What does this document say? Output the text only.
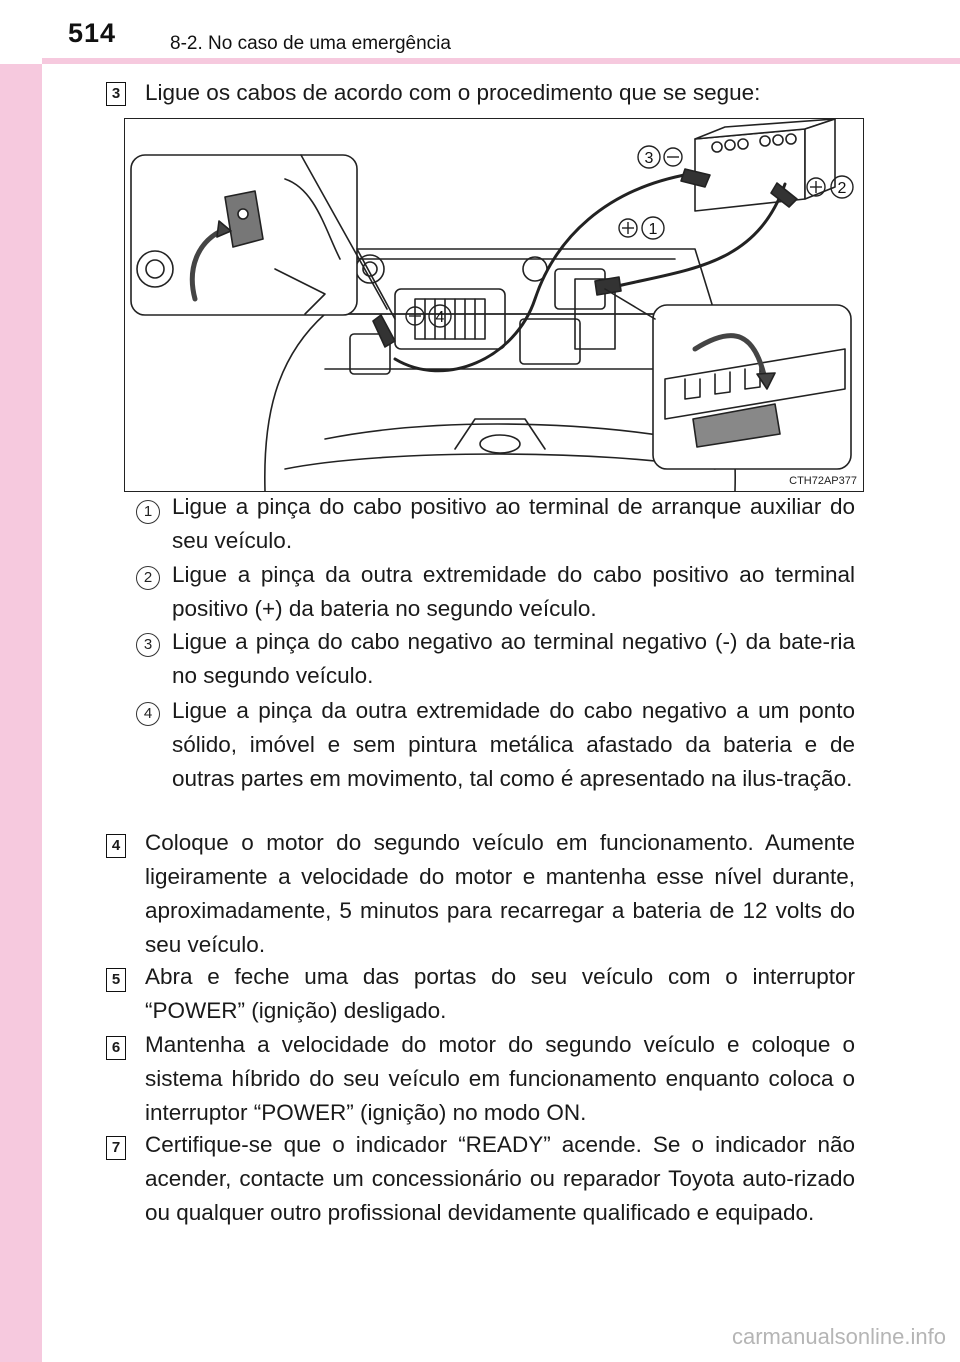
514	8-2. No caso de uma emergência
3 Ligue os cabos de acordo com o procedimento que se segue:
3
2
1
4
CTH72AP377
1 Ligue a pinça do cabo positivo ao terminal de arranque auxiliar do seu veículo.
2 Ligue a pinça da outra extremidade do cabo positivo ao terminal positivo (+) da bateria no segundo veículo.
3 Ligue a pinça do cabo negativo ao terminal negativo (-) da bate-ria no segundo veículo.
4 Ligue a pinça da outra extremidade do cabo negativo a um ponto sólido, imóvel e sem pintura metálica afastado da bateria e de outras partes em movimento, tal como é apresentado na ilus-tração.
4 Coloque o motor do segundo veículo em funcionamento. Aumente ligeiramente a velocidade do motor e mantenha esse nível durante, aproximadamente, 5 minutos para recarregar a bateria de 12 volts do seu veículo.
5 Abra e feche uma das portas do seu veículo com o interruptor “POWER” (ignição) desligado.
6 Mantenha a velocidade do motor do segundo veículo e coloque o sistema híbrido do seu veículo em funcionamento enquanto coloca o interruptor “POWER” (ignição) no modo ON.
7 Certifique-se que o indicador “READY” acende. Se o indicador não acender, contacte um concessionário ou reparador Toyota auto-rizado ou qualquer outro profissional devidamente qualificado e equipado.
carmanualsonline.info
